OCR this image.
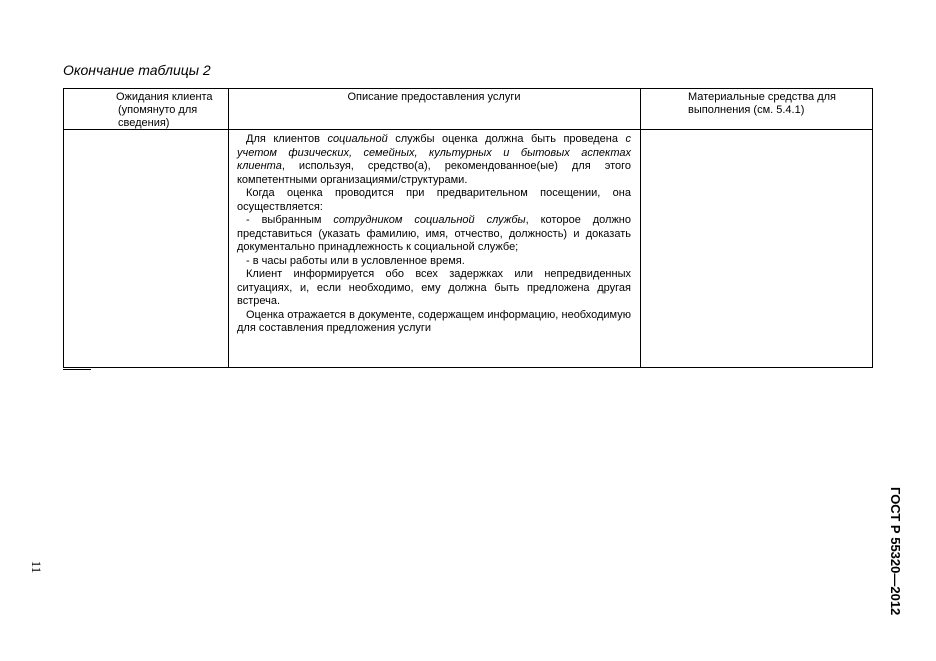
Окончание таблицы 2
Ожидания клиента
(упомянуто для
сведения)
Описание предоставления услуги	Материальные средства для
выполнения (см. 5.4.1)

Для клиентов социальной службы оценка должна быть проведена с учетом физических, семейных, культурных и бытовых аспектах клиента, используя, средство(а), рекомендованное(ые) для этого компетентными организациями/структурами.

Когда оценка проводится при предварительном посещении, она осуществляется:

- выбранным сотрудником социальной службы, которое должно представиться (указать фамилию, имя, отчество, должность) и доказать документально принадлежность к социальной службе;

- в часы работы или в условленное время.

Клиент информируется обо всех задержках или непредвиденных ситуациях, и, если необходимо, ему должна быть предложена другая встреча.

Оценка отражается в документе, содержащем информацию, необходимую для составления предложения услуги

11	ГОСТ Р 55320—2012
